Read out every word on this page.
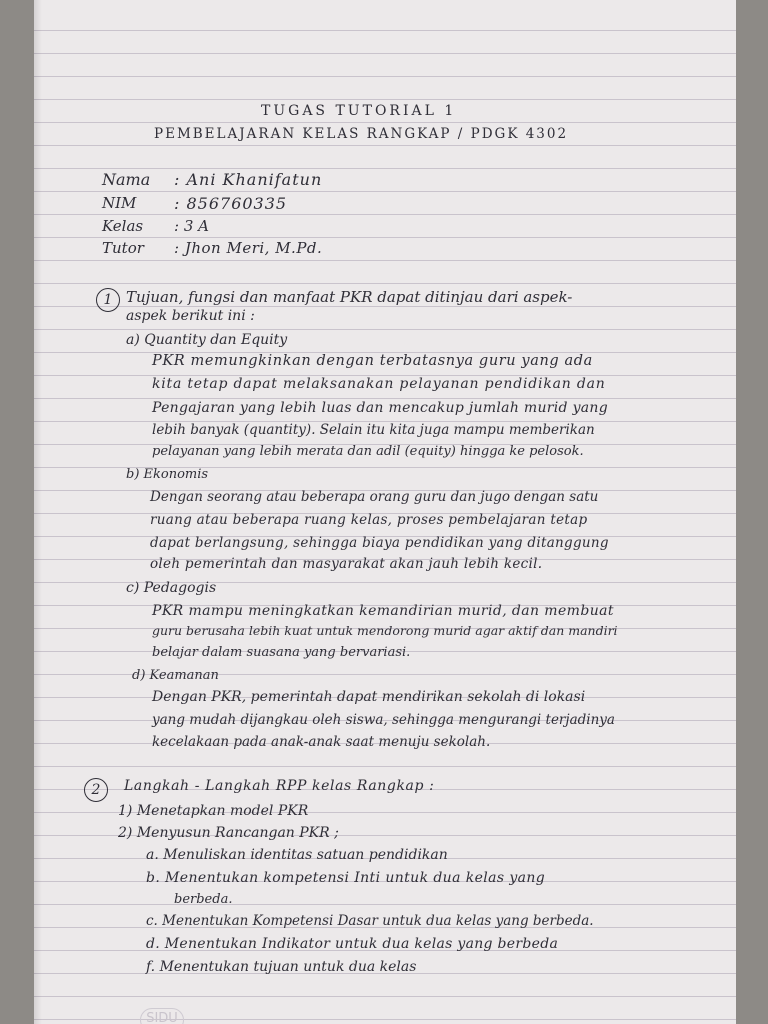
TUGAS TUTORIAL 1
PEMBELAJARAN KELAS RANGKAP / PDGK 4302
Nama : Ani Khanifatun
NIM : 856760335
Kelas : 3 A
Tutor : Jhon Meri, M.Pd.
1 Tujuan, fungsi dan manfaat PKR dapat ditinjau dari aspek-
aspek berikut ini :
a) Quantity dan Equity
PKR memungkinkan dengan terbatasnya guru yang ada
kita tetap dapat melaksanakan pelayanan pendidikan dan
Pengajaran yang lebih luas dan mencakup jumlah murid yang
lebih banyak (quantity). Selain itu kita juga mampu memberikan
pelayanan yang lebih merata dan adil (equity) hingga ke pelosok.
b) Ekonomis
Dengan seorang atau beberapa orang guru dan jugo dengan satu
ruang atau beberapa ruang kelas, proses pembelajaran tetap
dapat berlangsung, sehingga biaya pendidikan yang ditanggung
oleh pemerintah dan masyarakat akan jauh lebih kecil.
c) Pedagogis
PKR mampu meningkatkan kemandirian murid, dan membuat
guru berusaha lebih kuat untuk mendorong murid agar aktif dan mandiri
belajar dalam suasana yang bervariasi.
d) Keamanan
Dengan PKR, pemerintah dapat mendirikan sekolah di lokasi
yang mudah dijangkau oleh siswa, sehingga mengurangi terjadinya
kecelakaan pada anak-anak saat menuju sekolah.
2	Langkah - Langkah RPP kelas Rangkap :
1) Menetapkan model PKR
2) Menyusun Rancangan PKR ;
a. Menuliskan identitas satuan pendidikan
b. Menentukan kompetensi Inti untuk dua kelas yang
berbeda.
c. Menentukan Kompetensi Dasar untuk dua kelas yang berbeda.
d. Menentukan Indikator untuk dua kelas yang berbeda
f. Menentukan tujuan untuk dua kelas
SIDU
